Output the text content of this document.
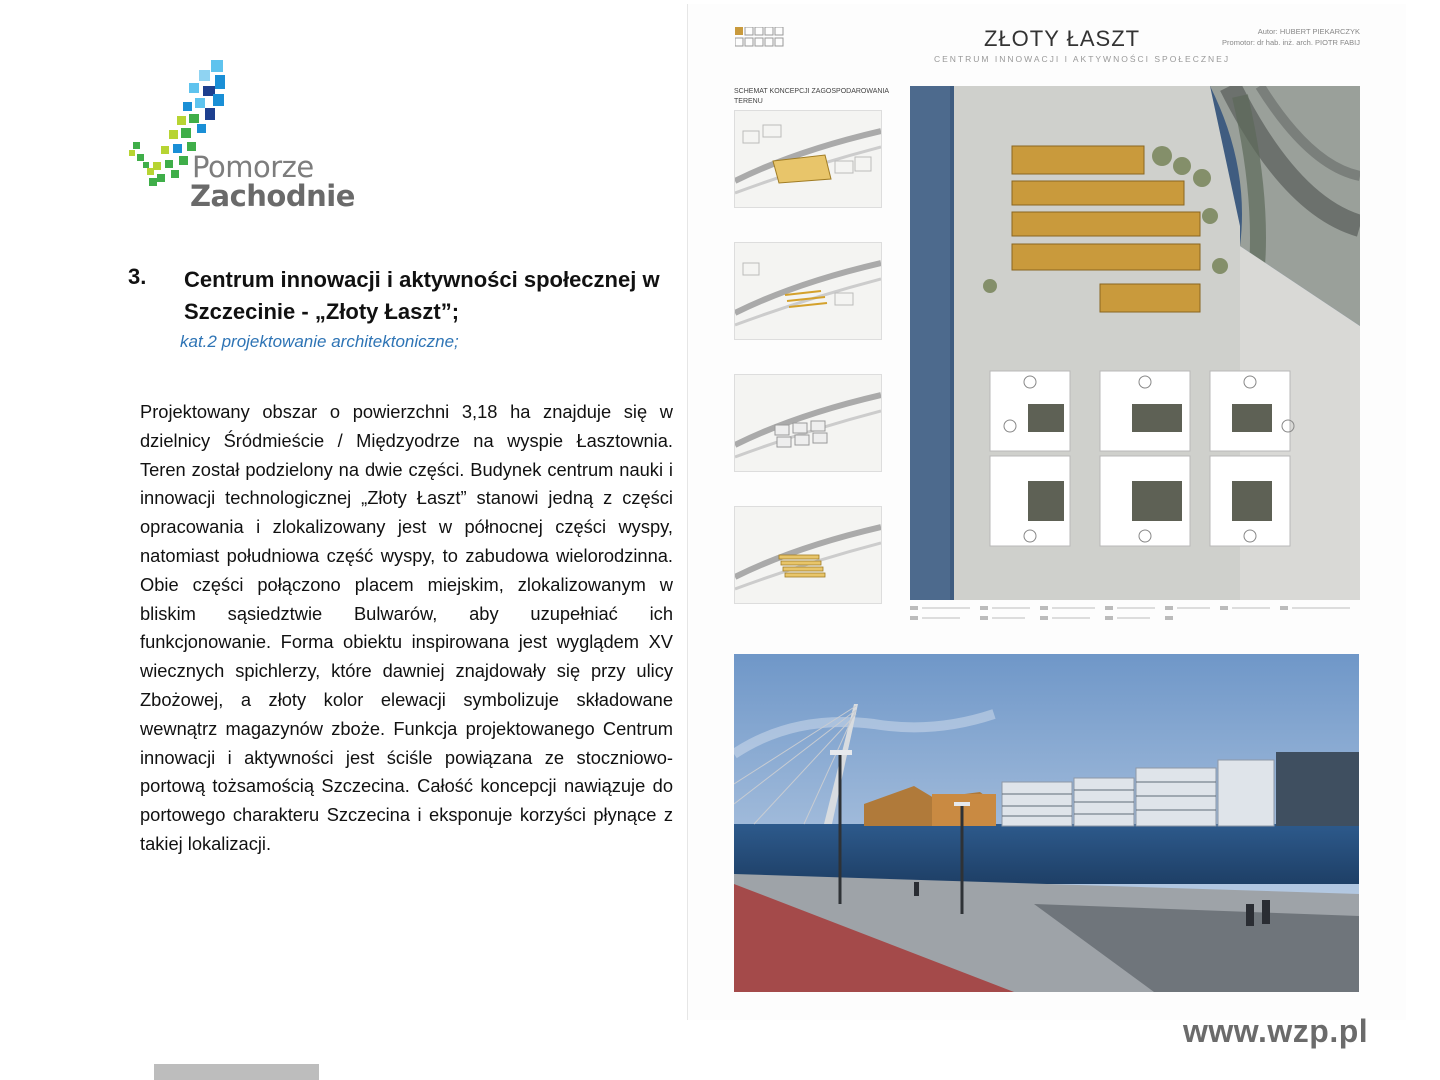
Pomorze
Zachodnie
3. Centrum innowacji i aktywności społecznej w Szczecinie - „Złoty Łaszt”;
kat.2 projektowanie architektoniczne;

Projektowany obszar o powierzchni 3,18 ha znajduje się w dzielnicy Śródmieście / Międzyodrze na wyspie Łasztownia. Teren został podzielony na dwie części. Budynek centrum nauki i innowacji technologicznej „Złoty Łaszt” stanowi jedną z części opracowania i zlokalizowany jest w północnej części wyspy, natomiast południowa część wyspy, to zabudowa wielorodzinna. Obie części połączono placem miejskim, zlokalizowanym w bliskim sąsiedztwie Bulwarów, aby uzupełniać ich funkcjonowanie. Forma obiektu inspirowana jest wyglądem XV wiecznych spichlerzy, które dawniej znajdowały się przy ulicy Zbożowej, a złoty kolor elewacji symbolizuje składowane wewnątrz magazynów zboże. Funkcja projektowanego Centrum innowacji i aktywności jest ściśle powiązana ze stoczniowo-portową tożsamością Szczecina. Całość koncepcji nawiązuje do portowego charakteru Szczecina i eksponuje korzyści płynące z takiej lokalizacji.

ZŁOTY ŁASZT
CENTRUM INNOWACJI I AKTYWNOŚCI SPOŁECZNEJ
Autor: HUBERT PIEKARCZYK
Promotor: dr hab. inż. arch. PIOTR FABIJ
SCHEMAT KONCEPCJI ZAGOSPODAROWANIA TERENU
www.wzp.pl
